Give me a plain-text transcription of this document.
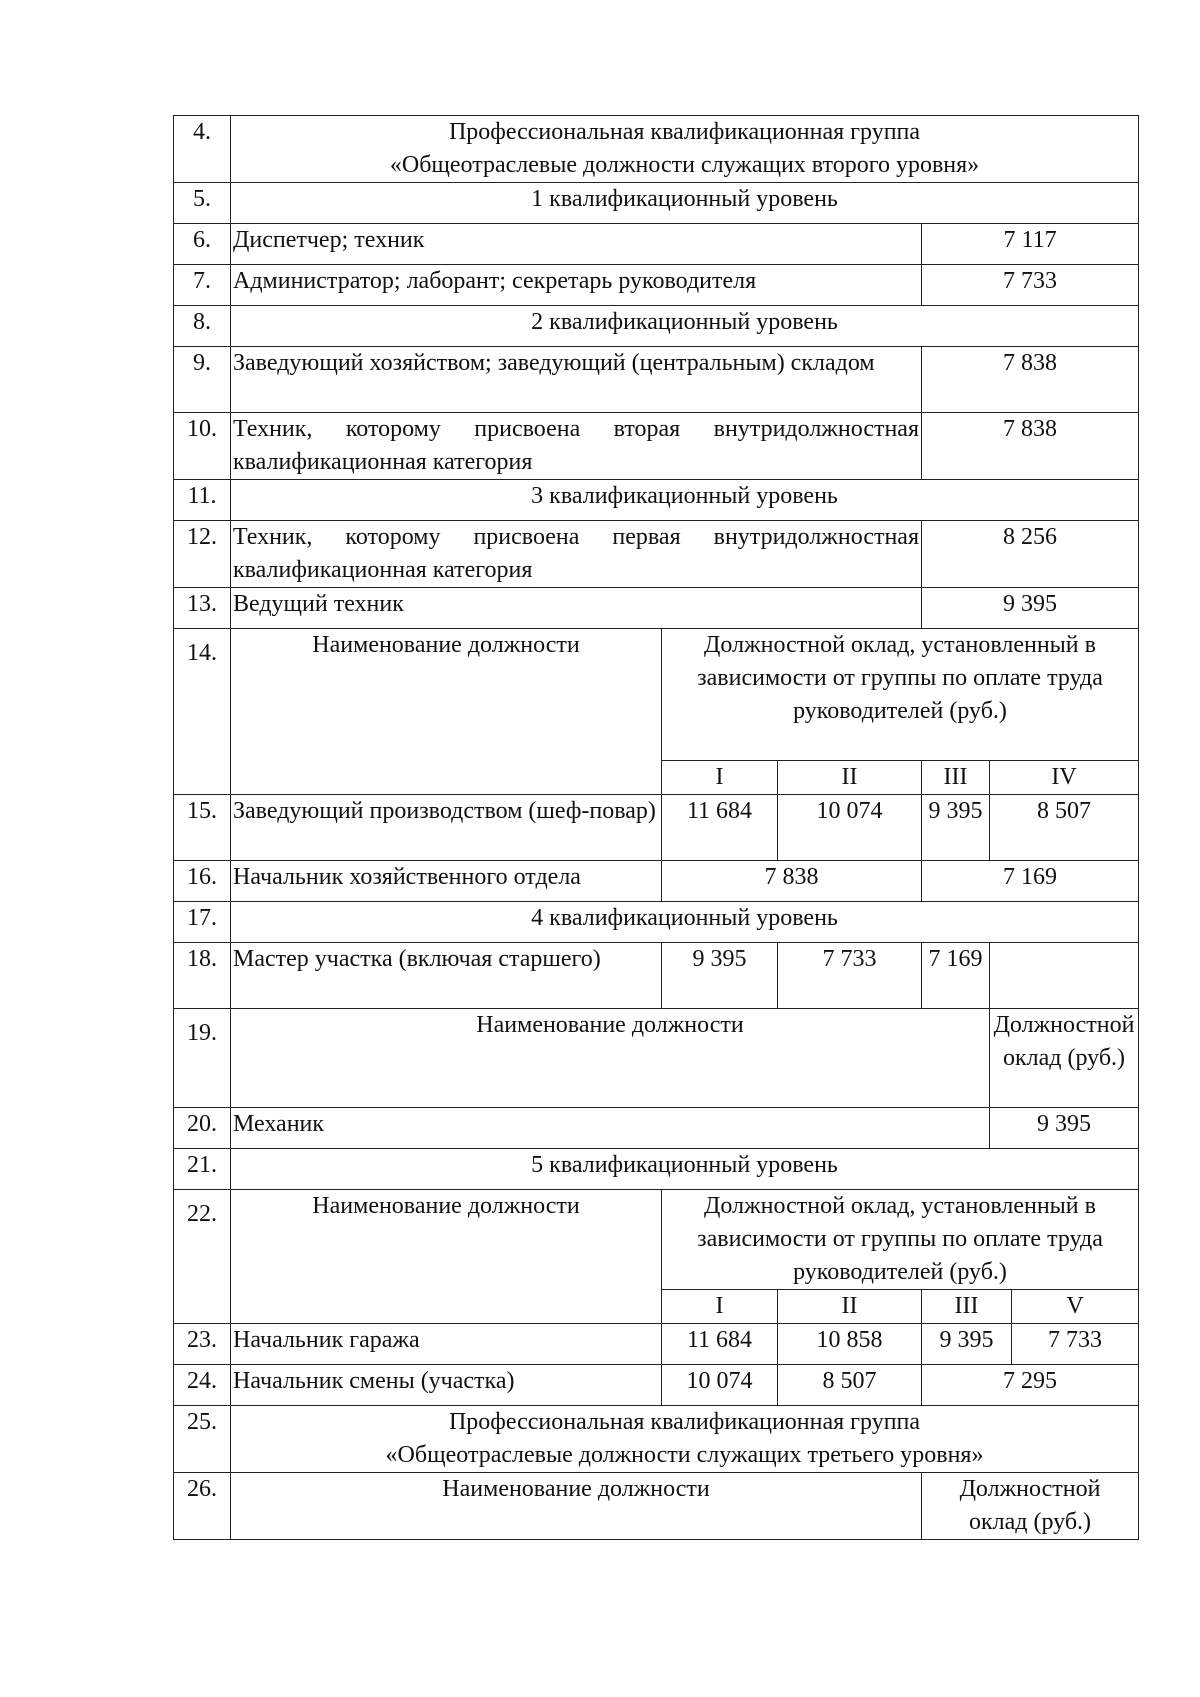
4.	Профессиональная квалификационная группа
«Общеотраслевые должности служащих второго уровня»					

5.	1 квалификационный уровень					
6.	Диспетчер; техник			7 117		
7.	Администратор; лаборант; секретарь руководителя			7 733		
8.	2 квалификационный уровень					
9.	Заведующий хозяйством; заведующий (центральным) складом			7 838		
10.	Техник, которому присвоена вторая внутридолжностная квалификационная категория			7 838		
11.	3 квалификационный уровень					
12.	Техник, которому присвоена первая внутридолжностная квалификационная категория			8 256		
13.	Ведущий техник			9 395		
14.	Наименование должности	Должностной оклад, установленный в зависимости от группы по оплате труда руководителей (руб.)				
		I	II	III	IV	
15.	Заведующий производством (шеф-повар)	11 684	10 074	9 395	8 507	
16.	Начальник хозяйственного отдела	7 838		7 169		
17.	4 квалификационный уровень					
18.	Мастер участка (включая старшего)	9 395	7 733	7 169		
19.	Наименование должности				Должностной оклад (руб.)	
20.	Механик				9 395	
21.	5 квалификационный уровень					
22.	Наименование должности	Должностной оклад, установленный в зависимости от группы по оплате труда руководителей (руб.)				
		I	II	III		V
23.	Начальник гаража	11 684	10 858	9 395		7 733
24.	Начальник смены (участка)	10 074	8 507	7 295		
25.	Профессиональная квалификационная группа
«Общеотраслевые должности служащих третьего уровня»					

26.	Наименование должности			Должностной оклад (руб.)		
